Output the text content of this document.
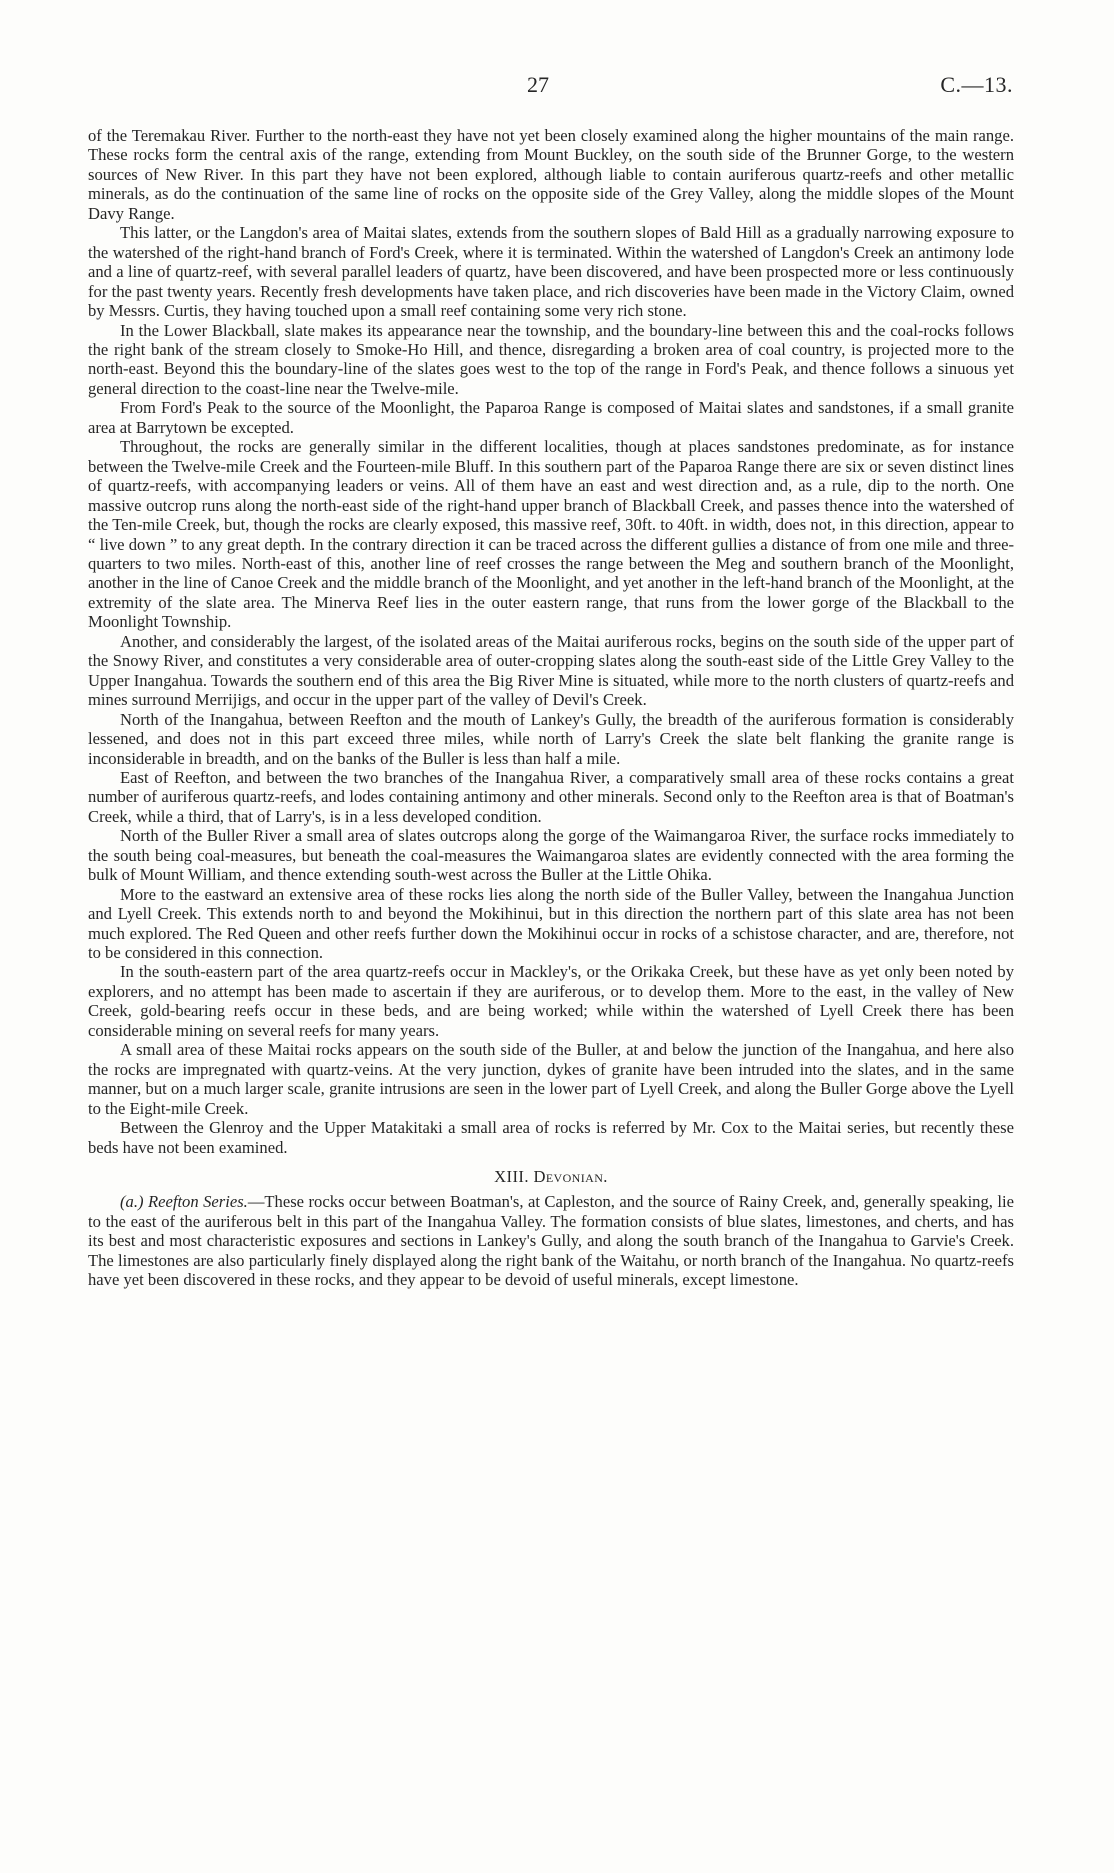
27	C.—13.

of the Teremakau River. Further to the north-east they have not yet been closely examined along the higher mountains of the main range. These rocks form the central axis of the range, extending from Mount Buckley, on the south side of the Brunner Gorge, to the western sources of New River. In this part they have not been explored, although liable to contain auriferous quartz-reefs and other metallic minerals, as do the continuation of the same line of rocks on the opposite side of the Grey Valley, along the middle slopes of the Mount Davy Range.

This latter, or the Langdon's area of Maitai slates, extends from the southern slopes of Bald Hill as a gradually narrowing exposure to the watershed of the right-hand branch of Ford's Creek, where it is terminated. Within the watershed of Langdon's Creek an antimony lode and a line of quartz-reef, with several parallel leaders of quartz, have been discovered, and have been prospected more or less continuously for the past twenty years. Recently fresh developments have taken place, and rich discoveries have been made in the Victory Claim, owned by Messrs. Curtis, they having touched upon a small reef containing some very rich stone.

In the Lower Blackball, slate makes its appearance near the township, and the boundary-line between this and the coal-rocks follows the right bank of the stream closely to Smoke-Ho Hill, and thence, disregarding a broken area of coal country, is projected more to the north-east. Beyond this the boundary-line of the slates goes west to the top of the range in Ford's Peak, and thence follows a sinuous yet general direction to the coast-line near the Twelve-mile.

From Ford's Peak to the source of the Moonlight, the Paparoa Range is composed of Maitai slates and sandstones, if a small granite area at Barrytown be excepted.

Throughout, the rocks are generally similar in the different localities, though at places sandstones predominate, as for instance between the Twelve-mile Creek and the Fourteen-mile Bluff. In this southern part of the Paparoa Range there are six or seven distinct lines of quartz-reefs, with accompanying leaders or veins. All of them have an east and west direction and, as a rule, dip to the north. One massive outcrop runs along the north-east side of the right-hand upper branch of Blackball Creek, and passes thence into the watershed of the Ten-mile Creek, but, though the rocks are clearly exposed, this massive reef, 30ft. to 40ft. in width, does not, in this direction, appear to “ live down ” to any great depth. In the contrary direction it can be traced across the different gullies a distance of from one mile and three-quarters to two miles. North-east of this, another line of reef crosses the range between the Meg and southern branch of the Moonlight, another in the line of Canoe Creek and the middle branch of the Moonlight, and yet another in the left-hand branch of the Moonlight, at the extremity of the slate area. The Minerva Reef lies in the outer eastern range, that runs from the lower gorge of the Blackball to the Moonlight Township.

Another, and considerably the largest, of the isolated areas of the Maitai auriferous rocks, begins on the south side of the upper part of the Snowy River, and constitutes a very considerable area of outer-cropping slates along the south-east side of the Little Grey Valley to the Upper Inangahua. Towards the southern end of this area the Big River Mine is situated, while more to the north clusters of quartz-reefs and mines surround Merrijigs, and occur in the upper part of the valley of Devil's Creek.

North of the Inangahua, between Reefton and the mouth of Lankey's Gully, the breadth of the auriferous formation is considerably lessened, and does not in this part exceed three miles, while north of Larry's Creek the slate belt flanking the granite range is inconsiderable in breadth, and on the banks of the Buller is less than half a mile.

East of Reefton, and between the two branches of the Inangahua River, a comparatively small area of these rocks contains a great number of auriferous quartz-reefs, and lodes containing antimony and other minerals. Second only to the Reefton area is that of Boatman's Creek, while a third, that of Larry's, is in a less developed condition.

North of the Buller River a small area of slates outcrops along the gorge of the Waimangaroa River, the surface rocks immediately to the south being coal-measures, but beneath the coal-measures the Waimangaroa slates are evidently connected with the area forming the bulk of Mount William, and thence extending south-west across the Buller at the Little Ohika.

More to the eastward an extensive area of these rocks lies along the north side of the Buller Valley, between the Inangahua Junction and Lyell Creek. This extends north to and beyond the Mokihinui, but in this direction the northern part of this slate area has not been much explored. The Red Queen and other reefs further down the Mokihinui occur in rocks of a schistose character, and are, therefore, not to be considered in this connection.

In the south-eastern part of the area quartz-reefs occur in Mackley's, or the Orikaka Creek, but these have as yet only been noted by explorers, and no attempt has been made to ascertain if they are auriferous, or to develop them. More to the east, in the valley of New Creek, gold-bearing reefs occur in these beds, and are being worked; while within the watershed of Lyell Creek there has been considerable mining on several reefs for many years.

A small area of these Maitai rocks appears on the south side of the Buller, at and below the junction of the Inangahua, and here also the rocks are impregnated with quartz-veins. At the very junction, dykes of granite have been intruded into the slates, and in the same manner, but on a much larger scale, granite intrusions are seen in the lower part of Lyell Creek, and along the Buller Gorge above the Lyell to the Eight-mile Creek.

Between the Glenroy and the Upper Matakitaki a small area of rocks is referred by Mr. Cox to the Maitai series, but recently these beds have not been examined.

XIII. Devonian.

(a.) Reefton Series.—These rocks occur between Boatman's, at Capleston, and the source of Rainy Creek, and, generally speaking, lie to the east of the auriferous belt in this part of the Inangahua Valley. The formation consists of blue slates, limestones, and cherts, and has its best and most characteristic exposures and sections in Lankey's Gully, and along the south branch of the Inangahua to Garvie's Creek. The limestones are also particularly finely displayed along the right bank of the Waitahu, or north branch of the Inangahua. No quartz-reefs have yet been discovered in these rocks, and they appear to be devoid of useful minerals, except limestone.
